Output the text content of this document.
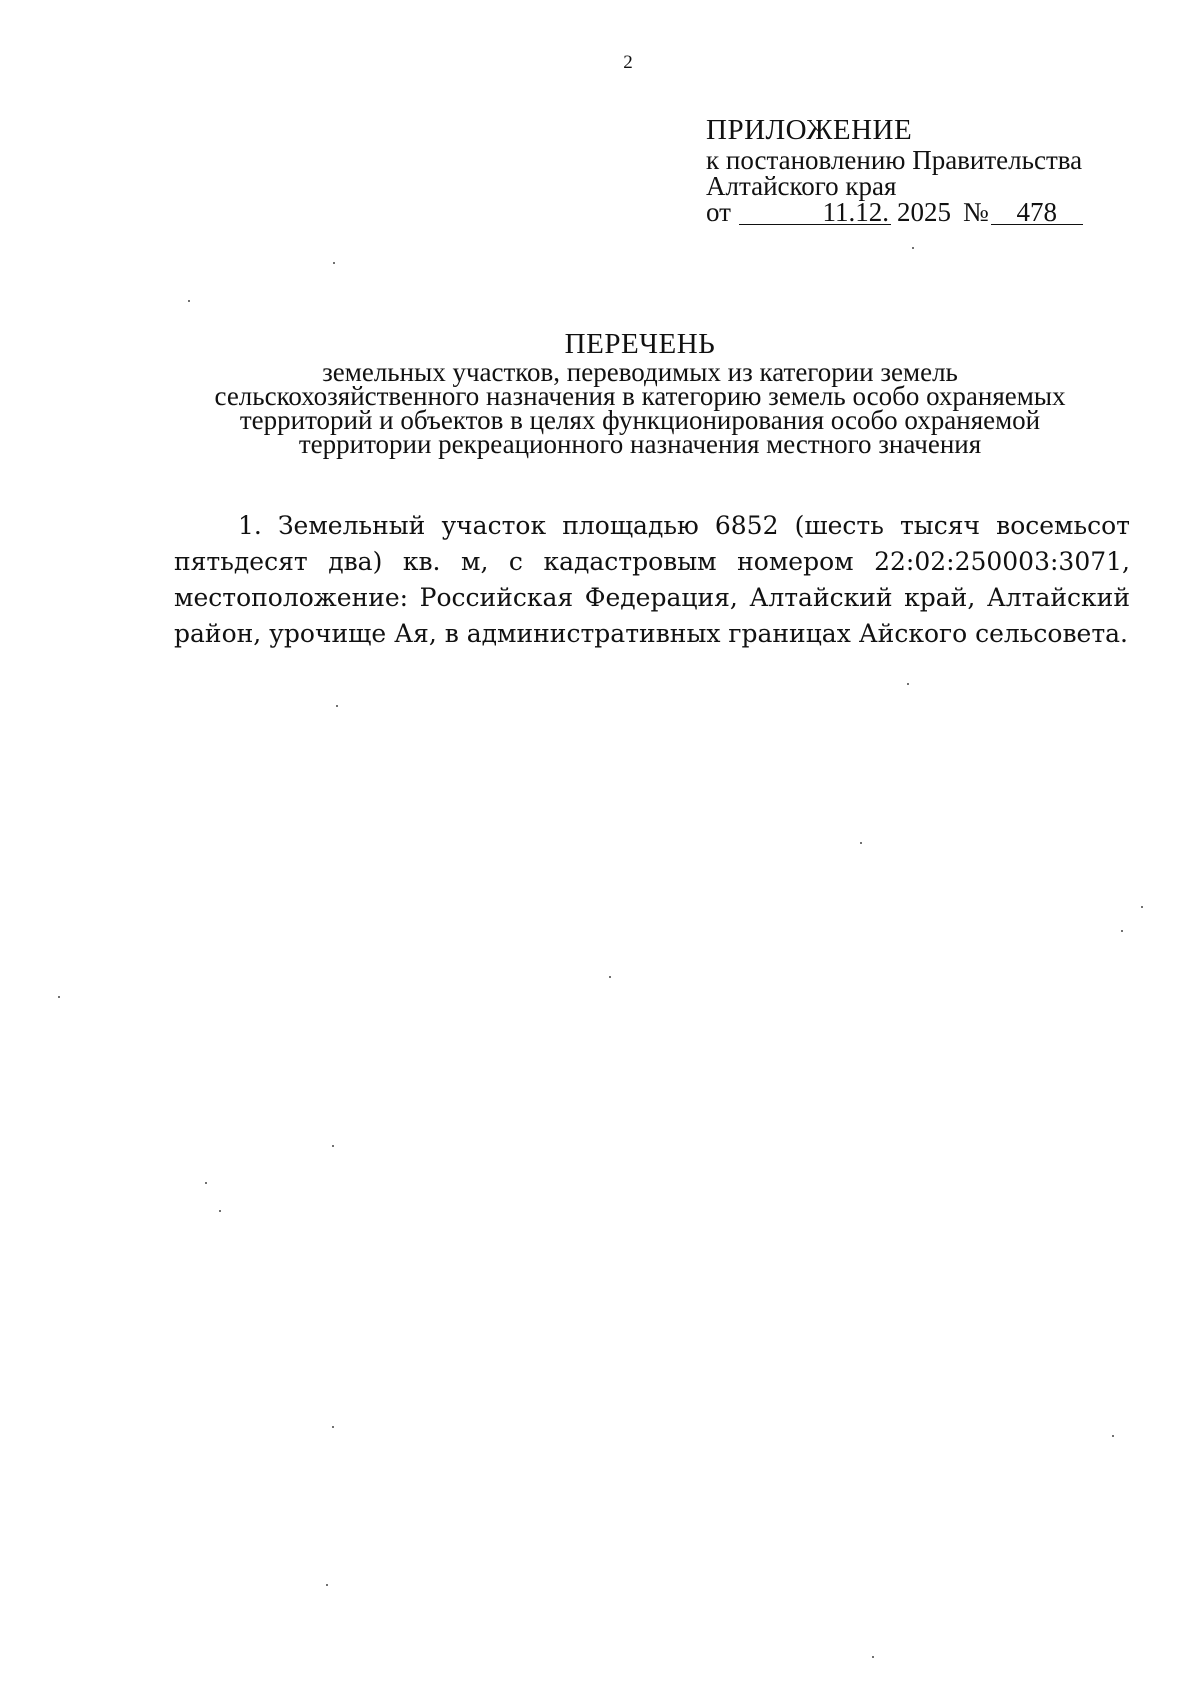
2
ПРИЛОЖЕНИЕ
к постановлению Правительства
Алтайского края
от	11.12. 2025 №	478
ПЕРЕЧЕНЬ
земельных участков, переводимых из категории земель
сельскохозяйственного назначения в категорию земель особо охраняемых
территорий и объектов в целях функционирования особо охраняемой
территории рекреационного назначения местного значения

1. Земельный участок площадью 6852 (шесть тысяч восемьсот пятьдесят два) кв. м, с кадастровым номером 22:02:250003:3071, местоположение: Российская Федерация, Алтайский край, Алтайский район, урочище Ая, в административных границах Айского сельсовета.
